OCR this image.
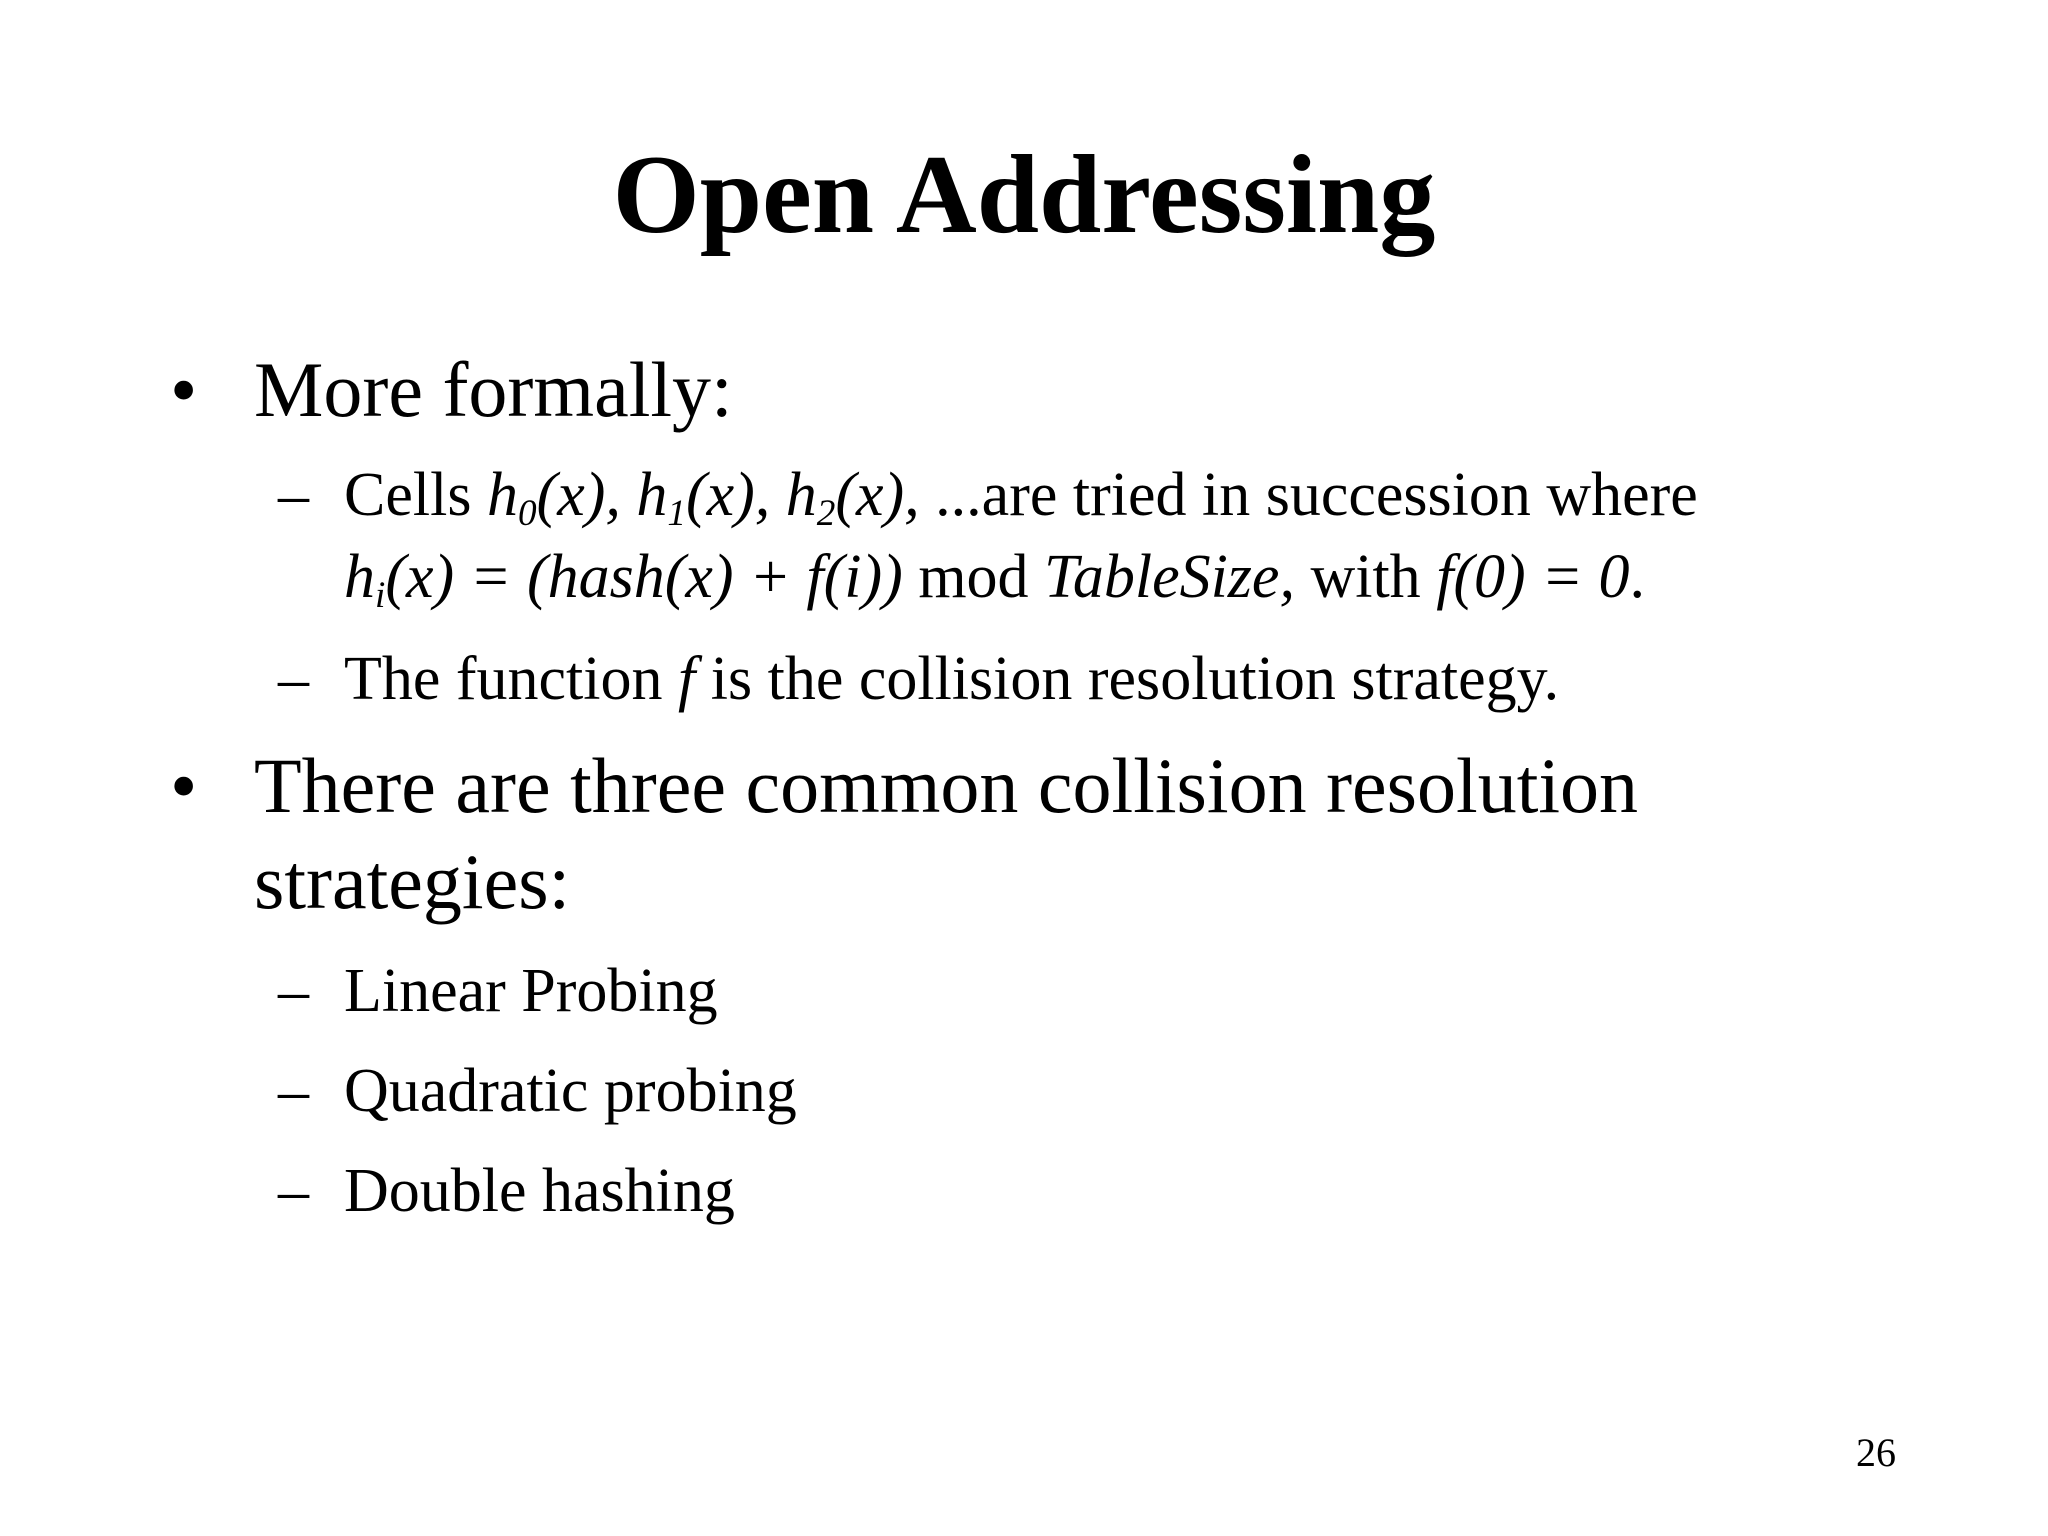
Open Addressing
• More formally:
– Cells $h_0(x)$, $h_1(x)$, $h_2(x)$, ...are tried in succession where
$h_i(x)$ = (hash(x) + f(i)) mod TableSize, with f(0) = 0.
– The function f is the collision resolution strategy.
• There are three common collision resolution
strategies:
– Linear Probing
– Quadratic probing
– Double hashing
26
